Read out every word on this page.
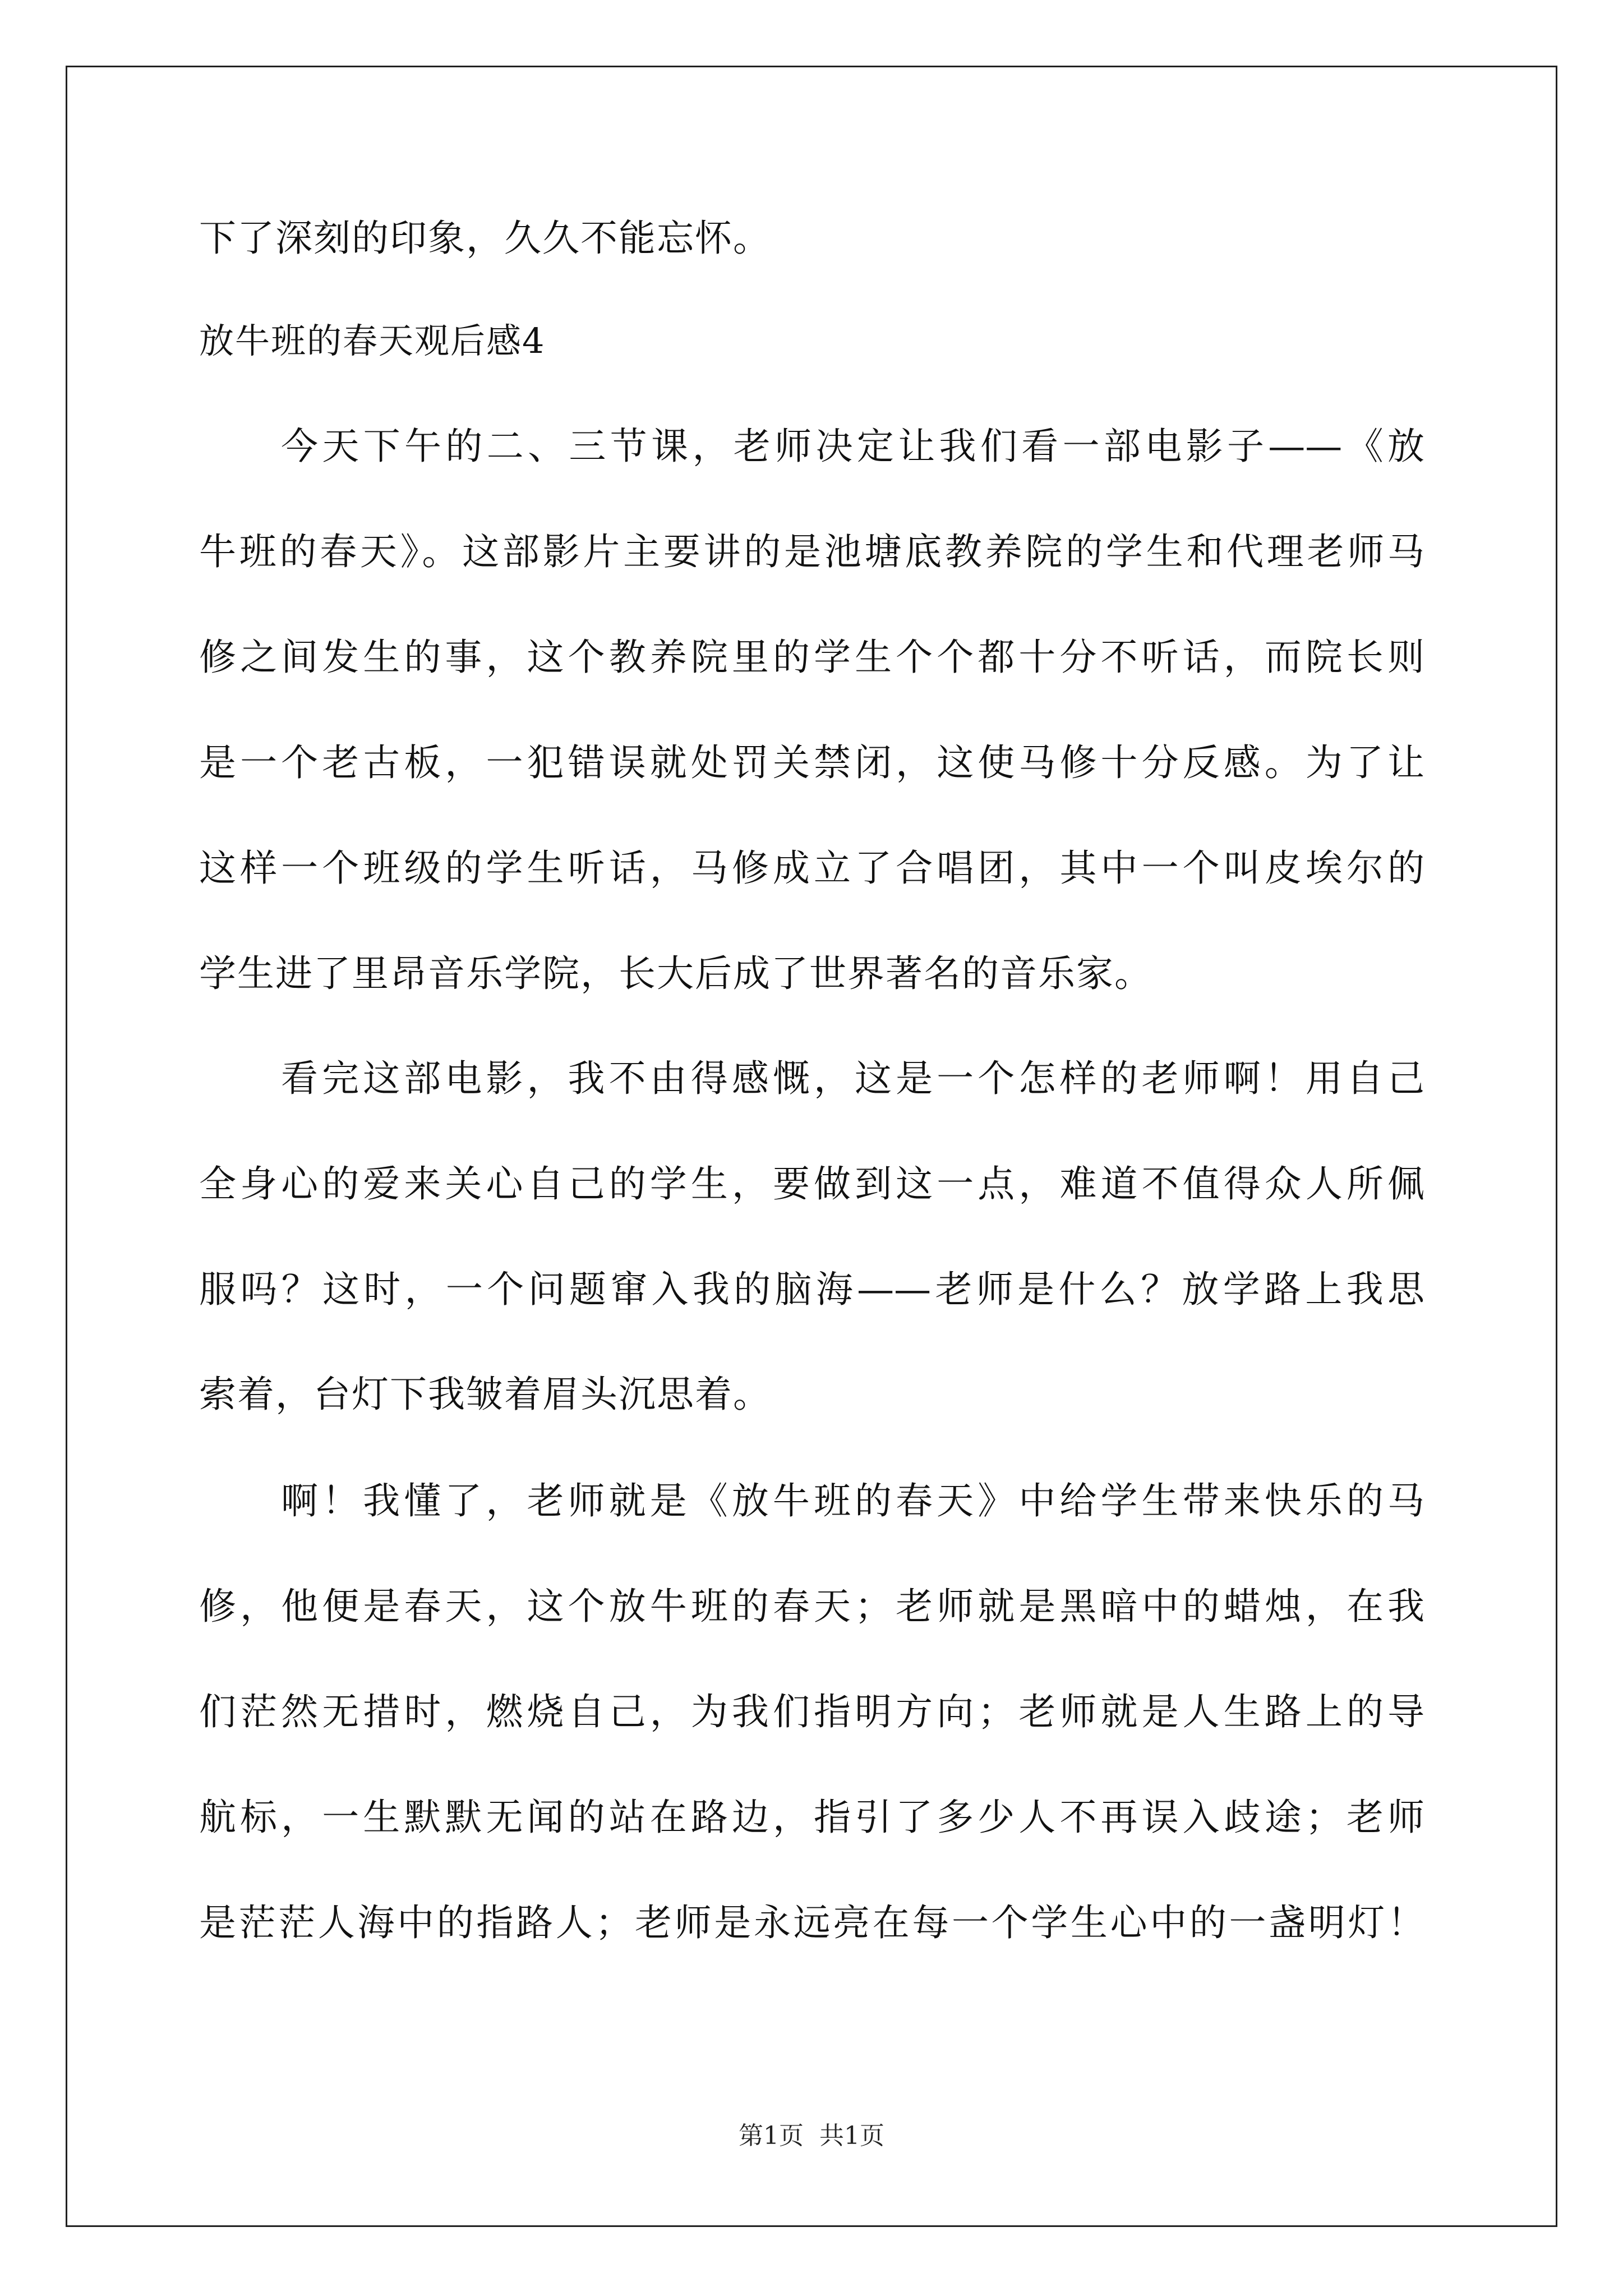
下了深刻的印象，久久不能忘怀。
放牛班的春天观后感4
今天下午的二、三节课，老师决定让我们看一部电影子——《放
牛班的春天》。这部影片主要讲的是池塘底教养院的学生和代理老师马
修之间发生的事，这个教养院里的学生个个都十分不听话，而院长则
是一个老古板，一犯错误就处罚关禁闭，这使马修十分反感。为了让
这样一个班级的学生听话，马修成立了合唱团，其中一个叫皮埃尔的
学生进了里昂音乐学院，长大后成了世界著名的音乐家。
看完这部电影，我不由得感慨，这是一个怎样的老师啊！用自己
全身心的爱来关心自己的学生，要做到这一点，难道不值得众人所佩
服吗？这时，一个问题窜入我的脑海——老师是什么？放学路上我思
索着，台灯下我皱着眉头沉思着。
啊！我懂了，老师就是《放牛班的春天》中给学生带来快乐的马
修，他便是春天，这个放牛班的春天；老师就是黑暗中的蜡烛，在我
们茫然无措时，燃烧自己，为我们指明方向；老师就是人生路上的导
航标，一生默默无闻的站在路边，指引了多少人不再误入歧途；老师
是茫茫人海中的指路人；老师是永远亮在每一个学生心中的一盏明灯！
第1页 共1页
